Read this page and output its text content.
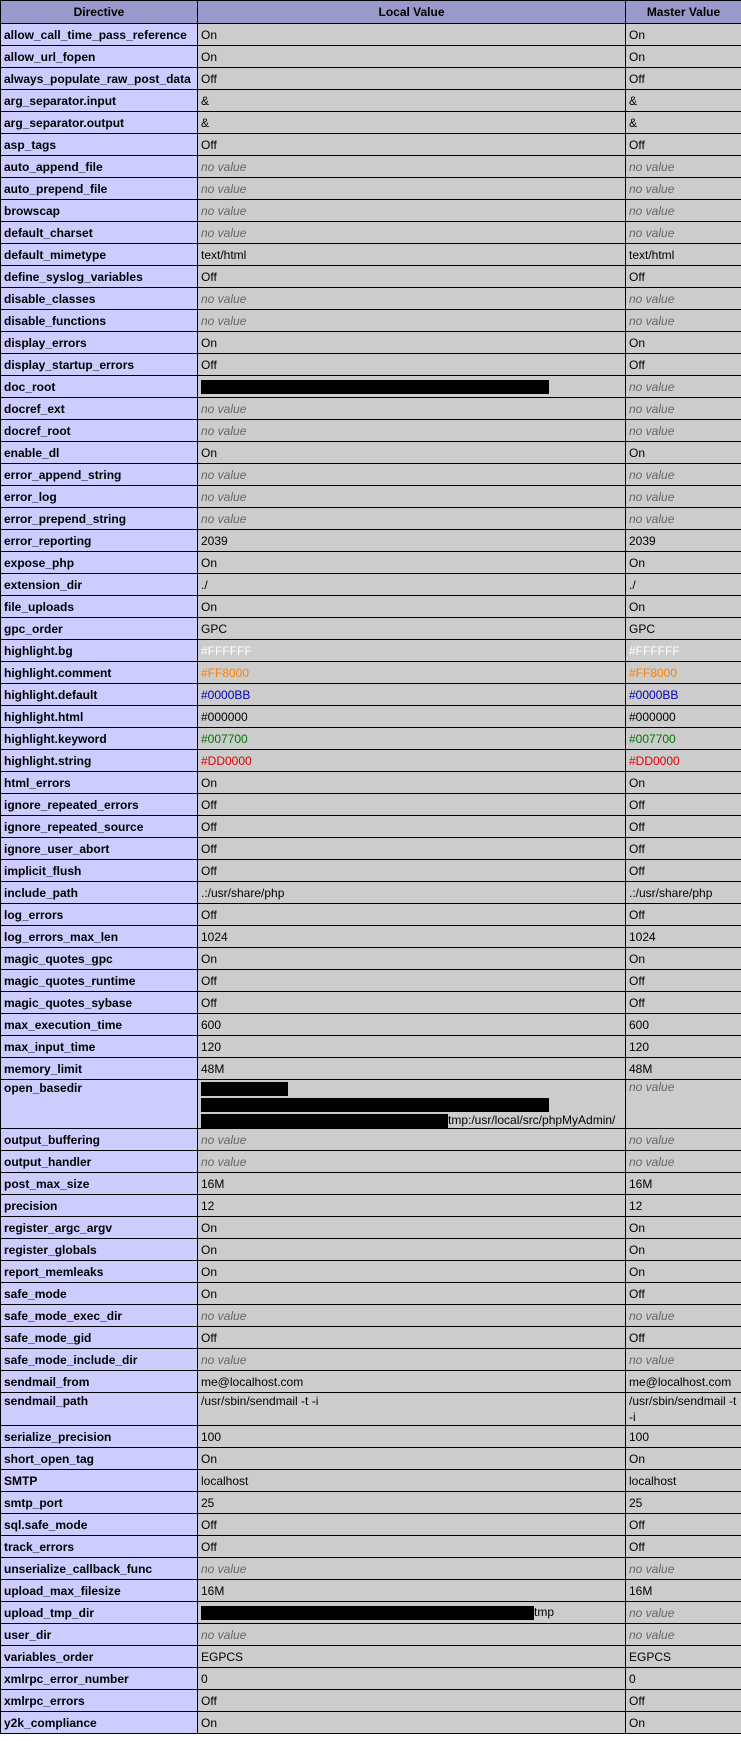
Directive	Local Value	Master Value
allow_call_time_pass_reference	On	On
allow_url_fopen	On	On
always_populate_raw_post_data	Off	Off
arg_separator.input	&	&
arg_separator.output	&	&
asp_tags	Off	Off
auto_append_file	no value	no value
auto_prepend_file	no value	no value
browscap	no value	no value
default_charset	no value	no value
default_mimetype	text/html	text/html
define_syslog_variables	Off	Off
disable_classes	no value	no value
disable_functions	no value	no value
display_errors	On	On
display_startup_errors	Off	Off
doc_root		no value
docref_ext	no value	no value
docref_root	no value	no value
enable_dl	On	On
error_append_string	no value	no value
error_log	no value	no value
error_prepend_string	no value	no value
error_reporting	2039	2039
expose_php	On	On
extension_dir	./	./
file_uploads	On	On
gpc_order	GPC	GPC
highlight.bg	#FFFFFF	#FFFFFF
highlight.comment	#FF8000	#FF8000
highlight.default	#0000BB	#0000BB
highlight.html	#000000	#000000
highlight.keyword	#007700	#007700
highlight.string	#DD0000	#DD0000
html_errors	On	On
ignore_repeated_errors	Off	Off
ignore_repeated_source	Off	Off
ignore_user_abort	Off	Off
implicit_flush	Off	Off
include_path	.:/usr/share/php	.:/usr/share/php
log_errors	Off	Off
log_errors_max_len	1024	1024
magic_quotes_gpc	On	On
magic_quotes_runtime	Off	Off
magic_quotes_sybase	Off	Off
max_execution_time	600	600
max_input_time	120	120
memory_limit	48M	48M
open_basedir	tmp:/usr/local/src/phpMyAdmin/	no value
output_buffering	no value	no value
output_handler	no value	no value
post_max_size	16M	16M
precision	12	12
register_argc_argv	On	On
register_globals	On	On
report_memleaks	On	On
safe_mode	On	Off
safe_mode_exec_dir	no value	no value
safe_mode_gid	Off	Off
safe_mode_include_dir	no value	no value
sendmail_from	me@localhost.com	me@localhost.com
sendmail_path	/usr/sbin/sendmail -t -i	/usr/sbin/sendmail -t -i
serialize_precision	100	100
short_open_tag	On	On
SMTP	localhost	localhost
smtp_port	25	25
sql.safe_mode	Off	Off
track_errors	Off	Off
unserialize_callback_func	no value	no value
upload_max_filesize	16M	16M
upload_tmp_dir	tmp	no value
user_dir	no value	no value
variables_order	EGPCS	EGPCS
xmlrpc_error_number	0	0
xmlrpc_errors	Off	Off
y2k_compliance	On	On
